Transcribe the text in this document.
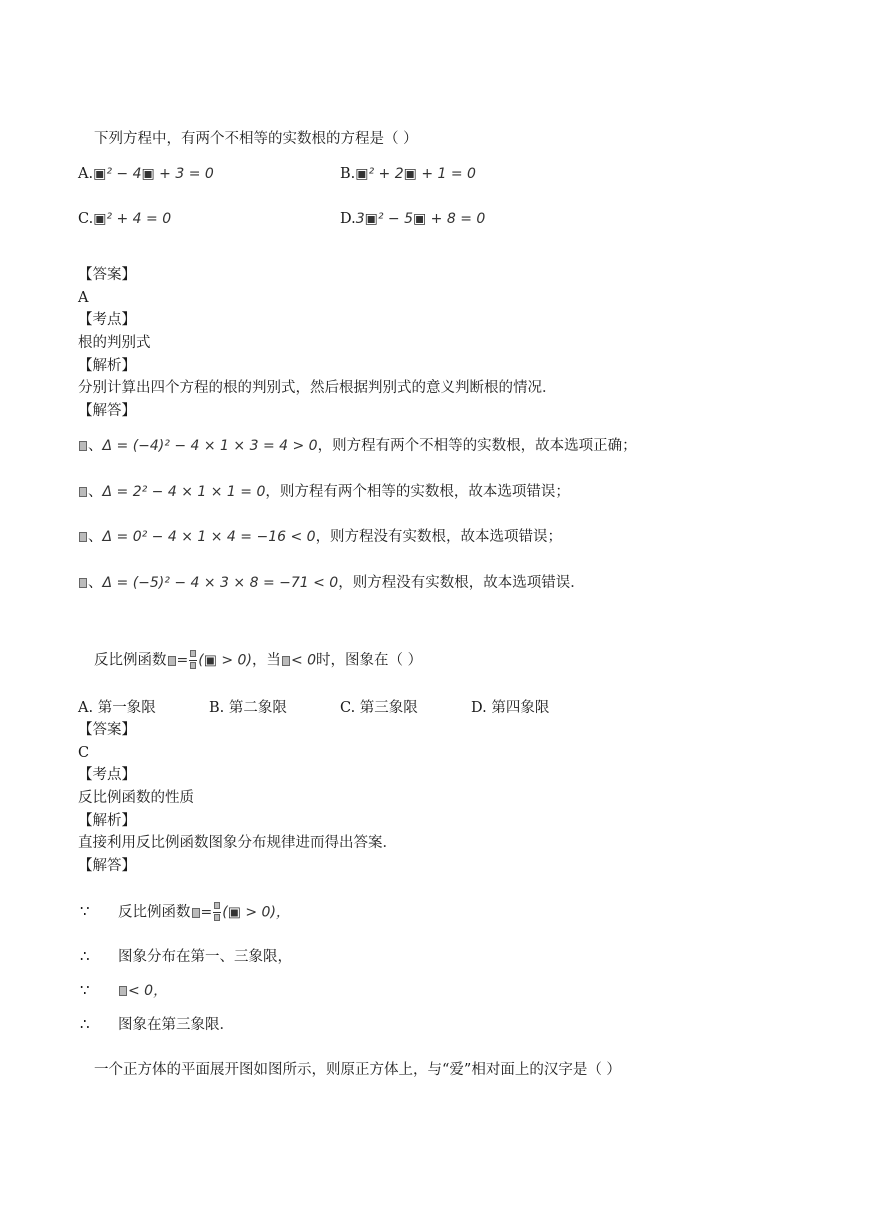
下列方程中，有两个不相等的实数根的方程是（ ）
A.▣² − 4▣ + 3 = 0	B.▣² + 2▣ + 1 = 0
C.▣² + 4 = 0	D.3▣² − 5▣ + 8 = 0
【答案】
A
【考点】
根的判别式
【解析】
分别计算出四个方程的根的判别式，然后根据判别式的意义判断根的情况．
【解答】
、Δ = (−4)² − 4 × 1 × 3 = 4 > 0，则方程有两个不相等的实数根，故本选项正确；
、Δ = 2² − 4 × 1 × 1 = 0，则方程有两个相等的实数根，故本选项错误；
、Δ = 0² − 4 × 1 × 4 = −16 < 0，则方程没有实数根，故本选项错误；
、Δ = (−5)² − 4 × 3 × 8 = −71 < 0，则方程没有实数根，故本选项错误．
反比例函数 = (▣ > 0)，当 < 0时，图象在（ ）
A. 第一象限	B. 第二象限	C. 第三象限	D. 第四象限
【答案】
C
【考点】
反比例函数的性质
【解析】
直接利用反比例函数图象分布规律进而得出答案．
【解答】
∵ 反比例函数 = (▣ > 0)，
∴ 图象分布在第一、三象限，
∵	< 0，
∴ 图象在第三象限．
一个正方体的平面展开图如图所示，则原正方体上，与“爱”相对面上的汉字是（ ）
